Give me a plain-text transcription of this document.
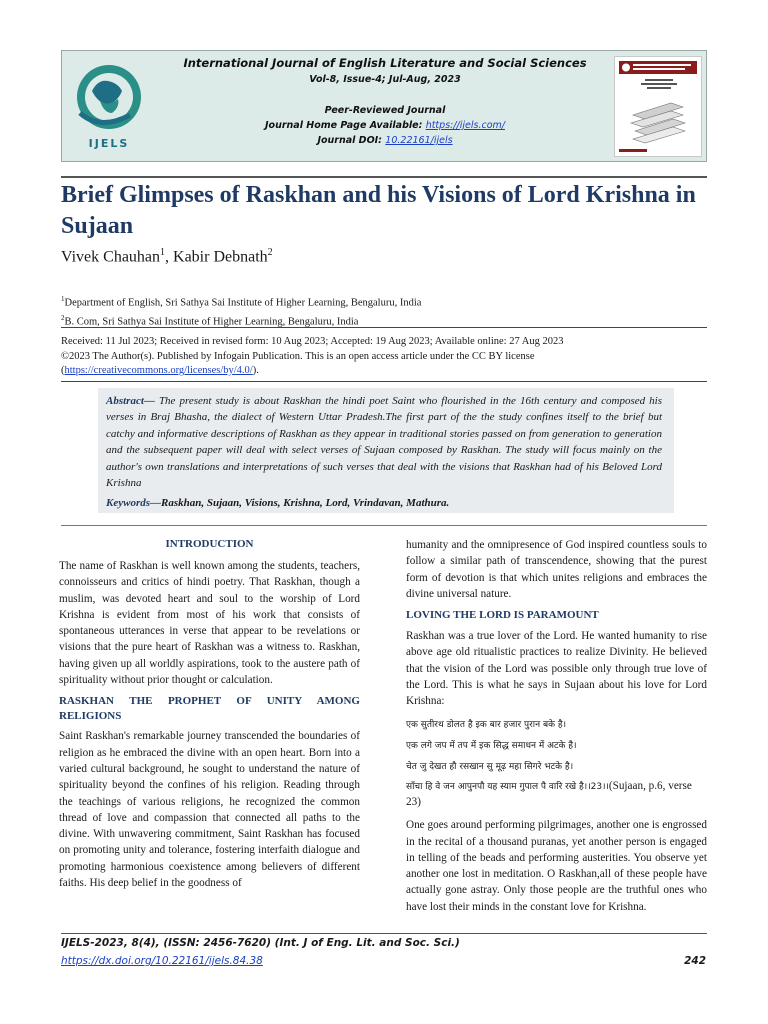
IJELS
International Journal of English Literature and Social Sciences
Vol-8, Issue-4; Jul-Aug, 2023
Peer-Reviewed Journal
Journal Home Page Available: https://ijels.com/
Journal DOI: 10.22161/ijels
Brief Glimpses of Raskhan and his Visions of Lord Krishna in Sujaan
Vivek Chauhan$^1$, Kabir Debnath$^2$
$^1$Department of English, Sri Sathya Sai Institute of Higher Learning, Bengaluru, India
$^2$B. Com, Sri Sathya Sai Institute of Higher Learning, Bengaluru, India
Received: 11 Jul 2023; Received in revised form: 10 Aug 2023; Accepted: 19 Aug 2023; Available online: 27 Aug 2023
©2023 The Author(s). Published by Infogain Publication. This is an open access article under the CC BY license
(https://creativecommons.org/licenses/by/4.0/).
Abstract— The present study is about Raskhan the hindi poet Saint who flourished in the 16th century and composed his verses in Braj Bhasha, the dialect of Western Uttar Pradesh.The first part of the the study confines itself to the brief but catchy and informative descriptions of Raskhan as they appear in traditional stories passed on from generation to generation and the subsequent paper will deal with select verses of Sujaan composed by Raskhan. The study will focus mainly on the author's own translations and interpretations of such verses that deal with the visions that Raskhan had of his Beloved Lord Krishna
Keywords—Raskhan, Sujaan, Visions, Krishna, Lord, Vrindavan, Mathura.

INTRODUCTION

The name of Raskhan is well known among the students, teachers, connoisseurs and critics of hindi poetry. That Raskhan, though a muslim, was devoted heart and soul to the worship of Lord Krishna is evident from most of his work that consists of spontaneous utterances in verse that appear to be revelations or visions that the pure heart of Raskhan was a witness to. Raskhan, having given up all worldly aspirations, took to the austere path of spirituality without prior thought or calculation.

RASKHAN THE PROPHET OF UNITY AMONG RELIGIONS

Saint Raskhan's remarkable journey transcended the boundaries of religion as he embraced the divine with an open heart. Born into a varied cultural background, he sought to understand the nature of spirituality beyond the confines of his religion. Reading through the teachings of various religions, he recognized the common thread of love and compassion that connected all paths to the divine. With unwavering commitment, Saint Raskhan has focused on promoting unity and tolerance, fostering interfaith dialogue and promoting harmonious coexistence among believers of different faiths. His deep belief in the goodness of

humanity and the omnipresence of God inspired countless souls to follow a similar path of transcendence, showing that the purest form of devotion is that which unites religions and embraces the divine universal nature.

LOVING THE LORD IS PARAMOUNT

Raskhan was a true lover of the Lord. He wanted humanity to rise above age old ritualistic practices to realize Divinity. He believed that the vision of the Lord was possible only through true love of the Lord. This is what he says in Sujaan about his love for Lord Krishna:

एक सुतीरथ डोलत है इक बार हजार पुरान बके है।

एक लगे जप में तप में इक सिद्ध समाधन में अटके है।

चेत जु देखत हौ रसखान सु मूढ़ महा सिगरे भटके है।

साँचा हि वे जन आपुनपौ यह स्याम गुपाल पै वारि रखे है।।23।।(Sujaan, p.6, verse 23)

One goes around performing pilgrimages, another one is engrossed in the recital of a thousand puranas, yet another person is engaged in telling of the beads and performing austerities. You observe yet another one lost in meditation. O Raskhan,all of these people have actually gone astray. Only those people are the truthful ones who have lost their minds in the constant love for Krishna.

IJELS-2023, 8(4), (ISSN: 2456-7620) (Int. J of Eng. Lit. and Soc. Sci.)
https://dx.doi.org/10.22161/ijels.84.38	242
